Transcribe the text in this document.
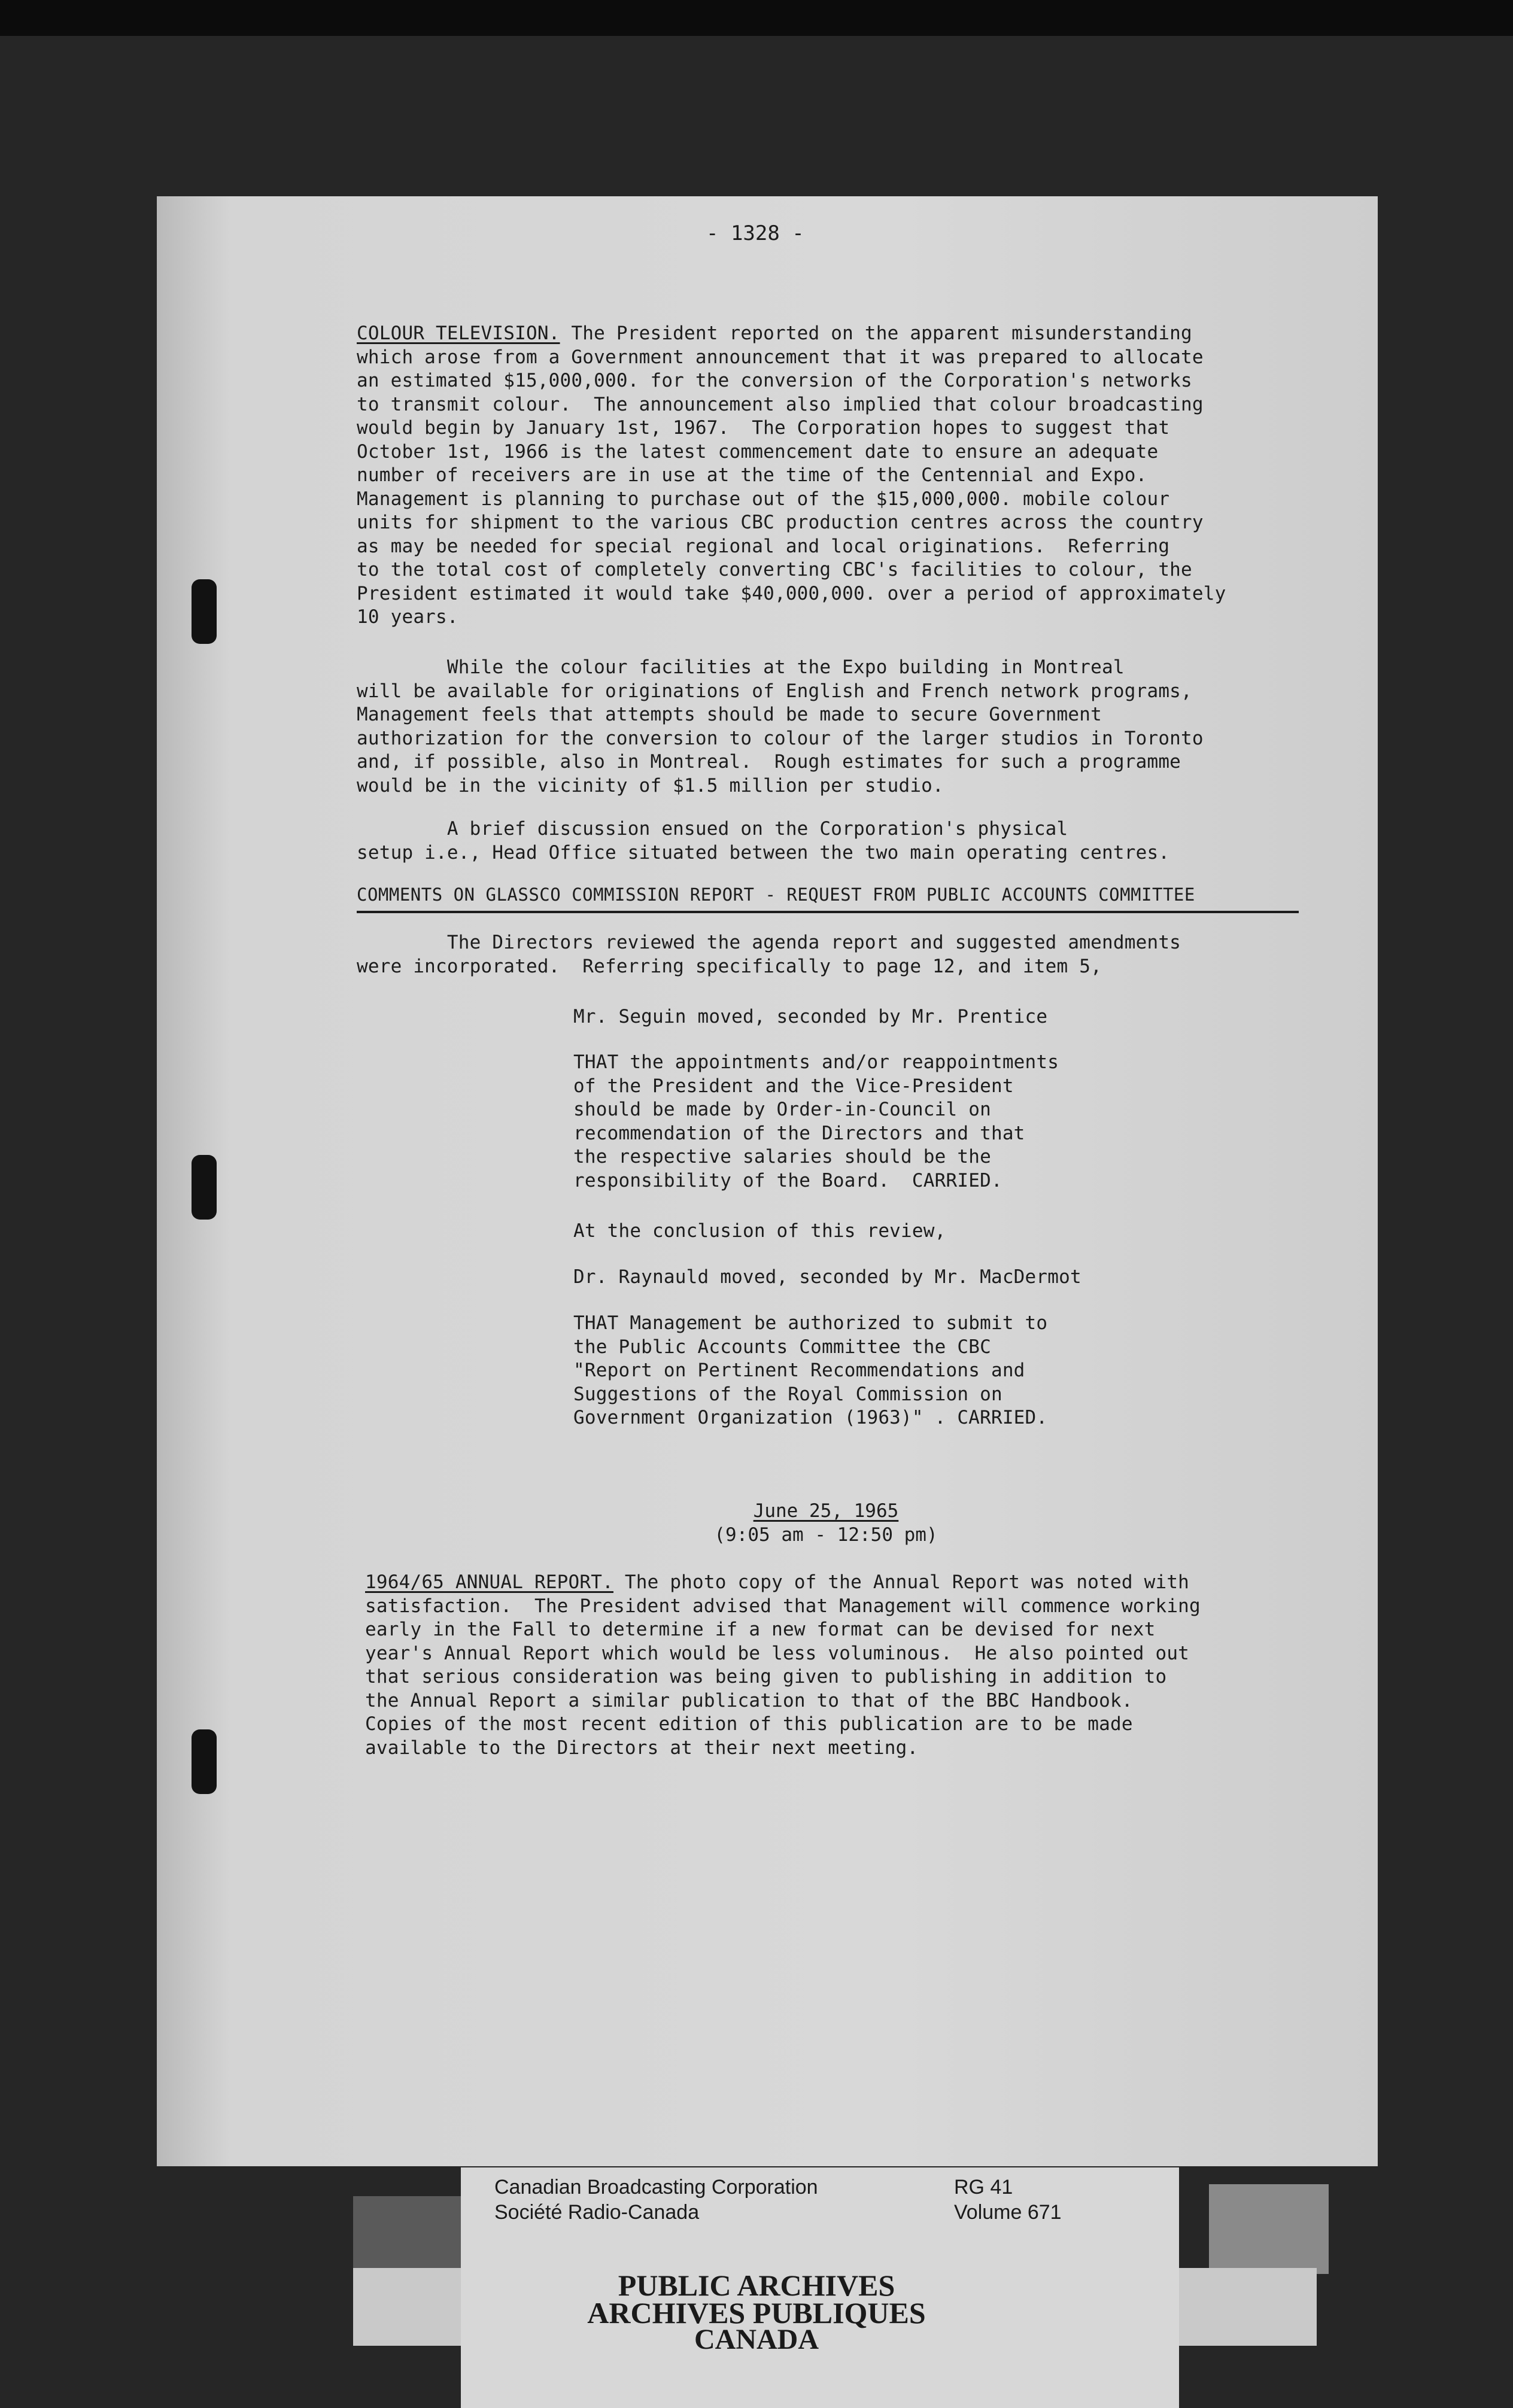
- 1328 -
COLOUR TELEVISION. The President reported on the apparent misunderstanding
which arose from a Government announcement that it was prepared to allocate
an estimated $15,000,000. for the conversion of the Corporation's networks
to transmit colour.  The announcement also implied that colour broadcasting
would begin by January 1st, 1967.  The Corporation hopes to suggest that
October 1st, 1966 is the latest commencement date to ensure an adequate
number of receivers are in use at the time of the Centennial and Expo.
Management is planning to purchase out of the $15,000,000. mobile colour
units for shipment to the various CBC production centres across the country
as may be needed for special regional and local originations.  Referring
to the total cost of completely converting CBC's facilities to colour, the
President estimated it would take $40,000,000. over a period of approximately
10 years.
While the colour facilities at the Expo building in Montreal
will be available for originations of English and French network programs,
Management feels that attempts should be made to secure Government
authorization for the conversion to colour of the larger studios in Toronto
and, if possible, also in Montreal.  Rough estimates for such a programme
would be in the vicinity of $1.5 million per studio.
A brief discussion ensued on the Corporation's physical
setup i.e., Head Office situated between the two main operating centres.
COMMENTS ON GLASSCO COMMISSION REPORT - REQUEST FROM PUBLIC ACCOUNTS COMMITTEE
The Directors reviewed the agenda report and suggested amendments
were incorporated.  Referring specifically to page 12, and item 5,
Mr. Seguin moved, seconded by Mr. Prentice
THAT the appointments and/or reappointments
of the President and the Vice-President
should be made by Order-in-Council on
recommendation of the Directors and that
the respective salaries should be the
responsibility of the Board.  CARRIED.
At the conclusion of this review,
Dr. Raynauld moved, seconded by Mr. MacDermot
THAT Management be authorized to submit to
the Public Accounts Committee the CBC
"Report on Pertinent Recommendations and
Suggestions of the Royal Commission on
Government Organization (1963)" . CARRIED.
June 25, 1965
(9:05 am - 12:50 pm)
1964/65 ANNUAL REPORT. The photo copy of the Annual Report was noted with
satisfaction.  The President advised that Management will commence working
early in the Fall to determine if a new format can be devised for next
year's Annual Report which would be less voluminous.  He also pointed out
that serious consideration was being given to publishing in addition to
the Annual Report a similar publication to that of the BBC Handbook.
Copies of the most recent edition of this publication are to be made
available to the Directors at their next meeting.
Canadian Broadcasting Corporation
Société Radio-Canada
RG 41
Volume 671
PUBLIC ARCHIVES
ARCHIVES PUBLIQUES
CANADA
